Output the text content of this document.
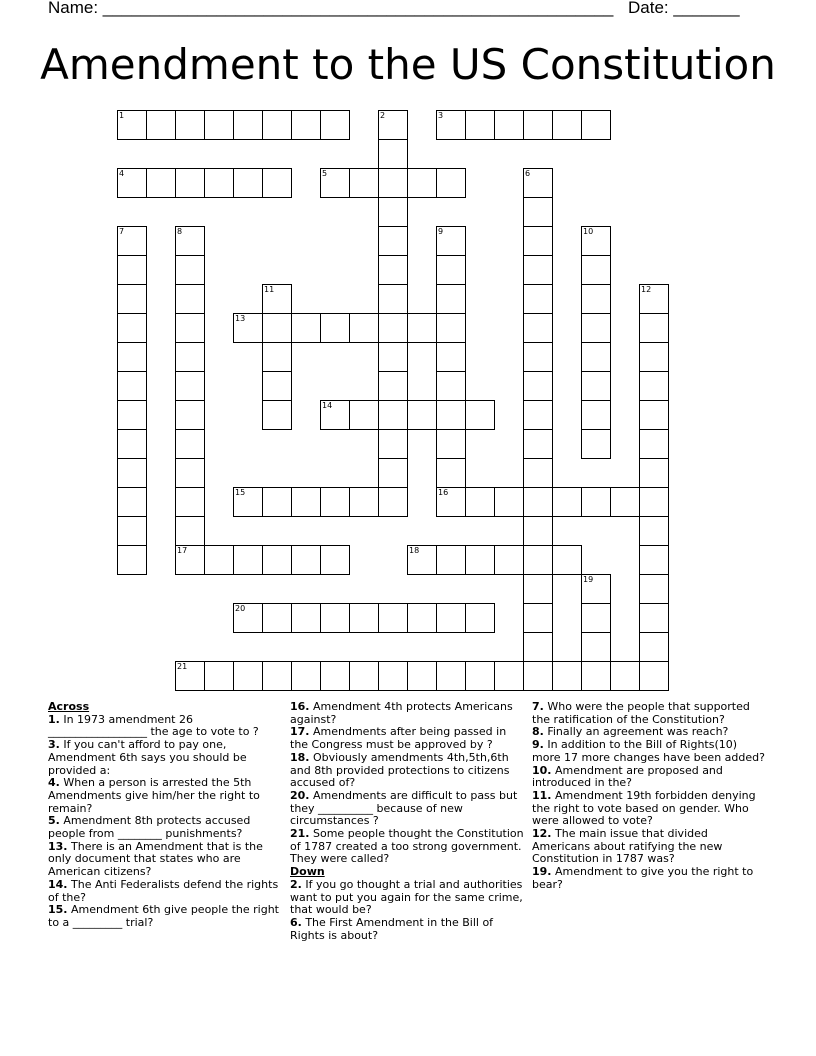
Name: ______________________________________________________ Date: _______
Amendment to the US Constitution
1	3
4	5
13
14
15	16
17	18
20
21
2
6
7	8	9	10
11	12
19
Across
1. In 1973 amendment 26 __________________ the age to vote to ?
3. If you can't afford to pay one, Amendment 6th says you should be provided a:
4. When a person is arrested the 5th Amendments give him/her the right to remain?
5. Amendment 8th protects accused people from ________ punishments?
13. There is an Amendment that is the only document that states who are American citizens?
14. The Anti Federalists defend the rights of the?
15. Amendment 6th give people the right to a _________ trial?
16. Amendment 4th protects Americans against?
17. Amendments after being passed in the Congress must be approved by ?
18. Obviously amendments 4th,5th,6th and 8th provided protections to citizens accused of?
20. Amendments are difficult to pass but they __________ because of new circumstances ?
21. Some people thought the Constitution of 1787 created a too strong government. They were called?
Down
2. If you go thought a trial and authorities want to put you again for the same crime, that would be?
6. The First Amendment in the Bill of Rights is about?
7. Who were the people that supported the ratification of the Constitution?
8. Finally an agreement was reach?
9. In addition to the Bill of Rights(10) more 17 more changes have been added?
10. Amendment are proposed and introduced in the?
11. Amendment 19th forbidden denying the right to vote based on gender. Who were allowed to vote?
12. The main issue that divided Americans about ratifying the new Constitution in 1787 was?
19. Amendment to give you the right to bear?
